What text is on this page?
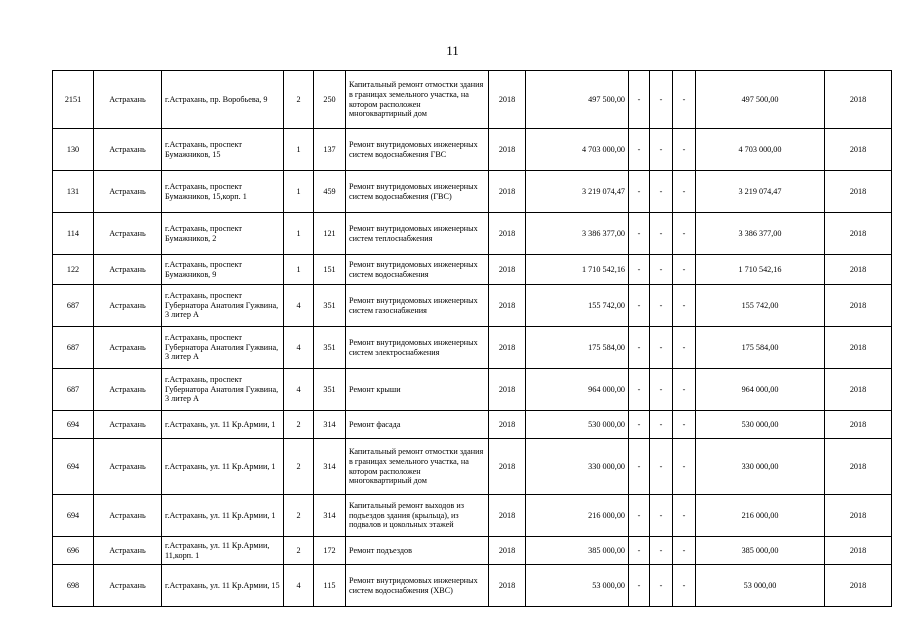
11
2151	Астрахань	г.Астрахань, пр. Воробьева, 9	2	250	Капитальный ремонт отмостки здания в границах земельного участка, на котором расположен многоквартирный дом	2018	497 500,00	-	-	-	497 500,00	2018
130	Астрахань	г.Астрахань, проспект Бумажников, 15	1	137	Ремонт внутридомовых инженерных систем водоснабжения ГВС	2018	4 703 000,00	-	-	-	4 703 000,00	2018
131	Астрахань	г.Астрахань, проспект Бумажников, 15,корп. 1	1	459	Ремонт внутридомовых инженерных систем водоснабжения (ГВС)	2018	3 219 074,47	-	-	-	3 219 074,47	2018
114	Астрахань	г.Астрахань, проспект Бумажников, 2	1	121	Ремонт внутридомовых инженерных систем теплоснабжения	2018	3 386 377,00	-	-	-	3 386 377,00	2018
122	Астрахань	г.Астрахань, проспект Бумажников, 9	1	151	Ремонт внутридомовых инженерных систем водоснабжения	2018	1 710 542,16	-	-	-	1 710 542,16	2018
687	Астрахань	г.Астрахань, проспект Губернатора Анатолия Гужвина, 3 литер А	4	351	Ремонт внутридомовых инженерных систем газоснабжения	2018	155 742,00	-	-	-	155 742,00	2018
687	Астрахань	г.Астрахань, проспект Губернатора Анатолия Гужвина, 3 литер А	4	351	Ремонт внутридомовых инженерных систем электроснабжения	2018	175 584,00	-	-	-	175 584,00	2018
687	Астрахань	г.Астрахань, проспект Губернатора Анатолия Гужвина, 3 литер А	4	351	Ремонт крыши	2018	964 000,00	-	-	-	964 000,00	2018
694	Астрахань	г.Астрахань, ул. 11 Кр.Армии, 1	2	314	Ремонт фасада	2018	530 000,00	-	-	-	530 000,00	2018
694	Астрахань	г.Астрахань, ул. 11 Кр.Армии, 1	2	314	Капитальный ремонт отмостки здания в границах земельного участка, на котором расположен многоквартирный дом	2018	330 000,00	-	-	-	330 000,00	2018
694	Астрахань	г.Астрахань, ул. 11 Кр.Армии, 1	2	314	Капитальный ремонт выходов из подъездов здания (крыльца), из подвалов и цокольных этажей	2018	216 000,00	-	-	-	216 000,00	2018
696	Астрахань	г.Астрахань, ул. 11 Кр.Армии, 11,корп. 1	2	172	Ремонт подъездов	2018	385 000,00	-	-	-	385 000,00	2018
698	Астрахань	г.Астрахань, ул. 11 Кр.Армии, 15	4	115	Ремонт внутридомовых инженерных систем водоснабжения (ХВС)	2018	53 000,00	-	-	-	53 000,00	2018
